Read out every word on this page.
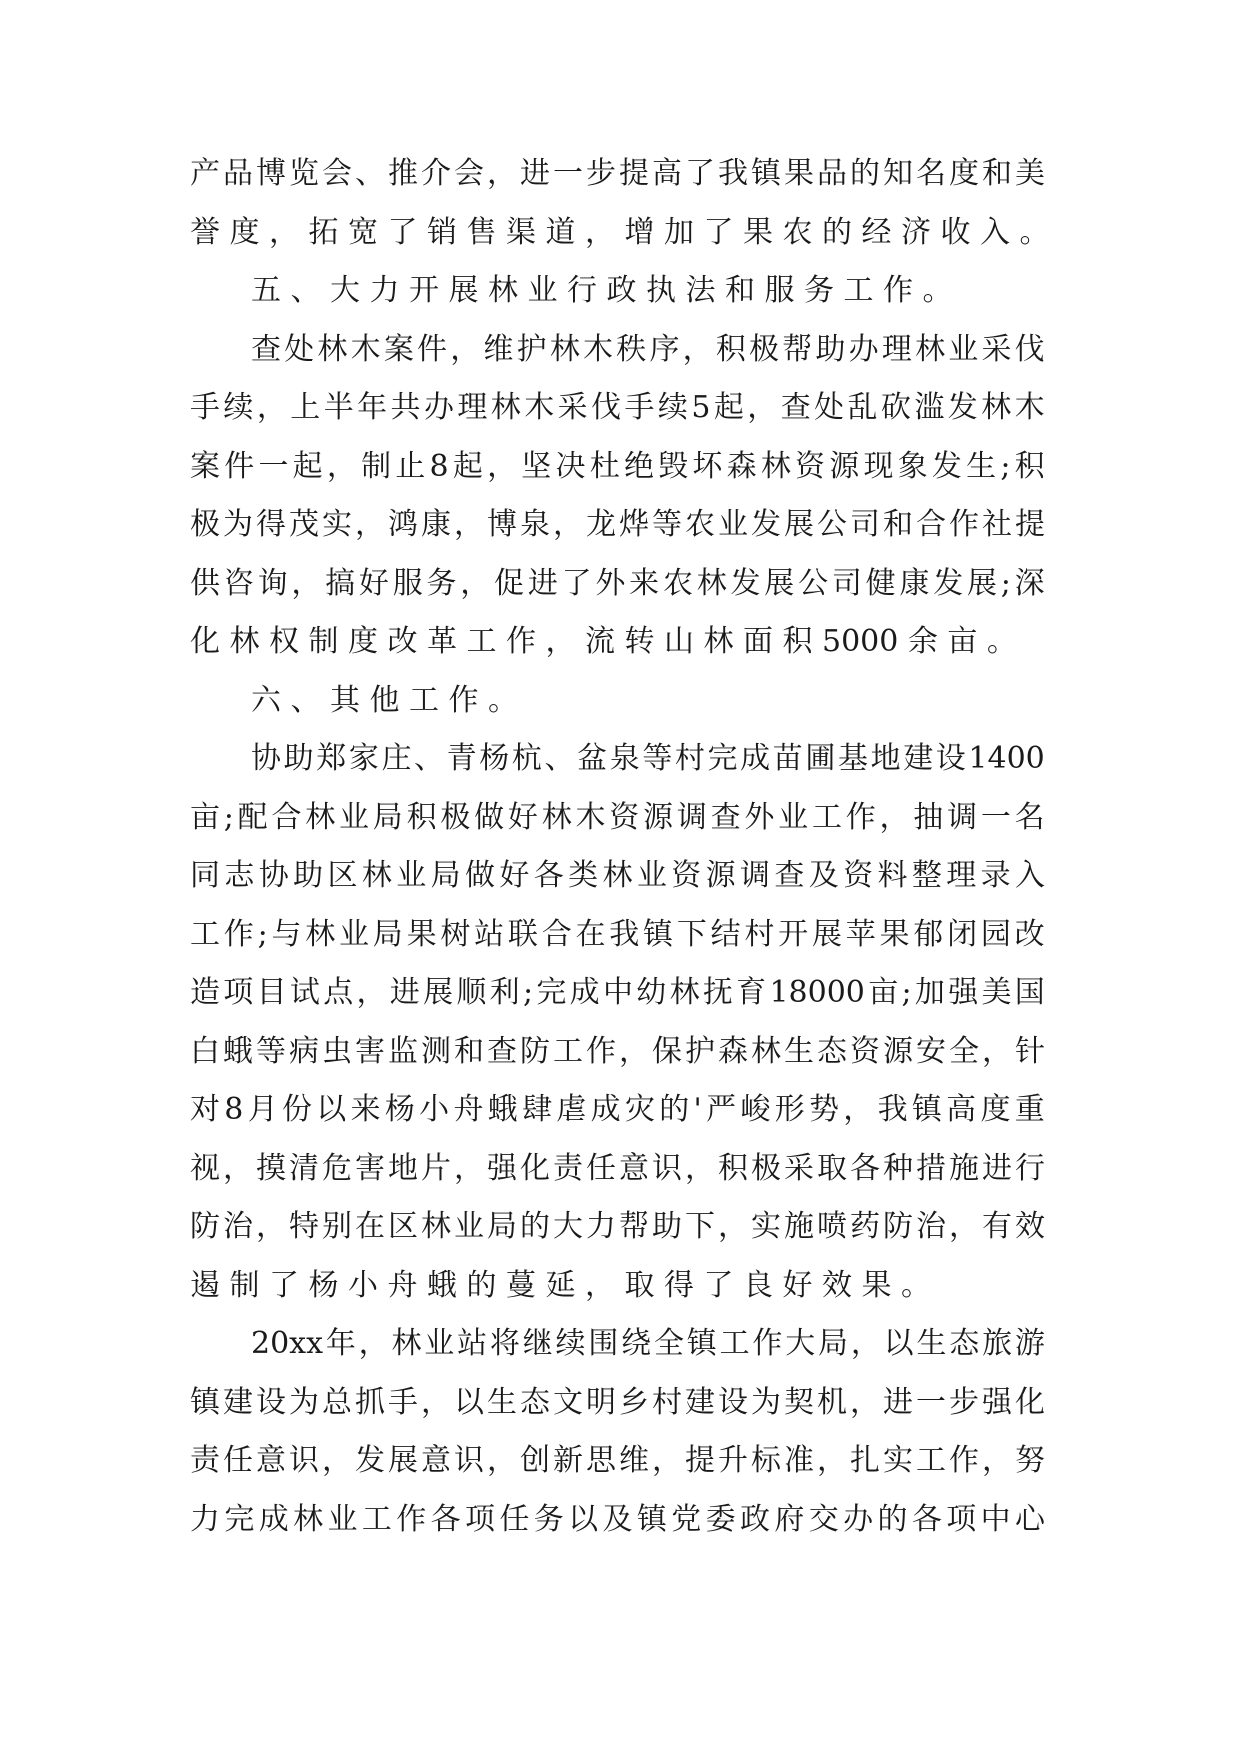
产 品 博 览 会 、 推 介 会 ， 进 一 步 提 高 了 我 镇 果 品 的 知 名 度 和 美
誉 度 ， 拓 宽 了 销 售 渠 道 ， 增 加 了 果 农 的 经 济 收 入 。
五 、 大 力 开 展 林 业 行 政 执 法 和 服 务 工 作 。
查 处 林 木 案 件 ， 维 护 林 木 秩 序 ， 积 极 帮 助 办 理 林 业 采 伐
手 续 ， 上 半 年 共 办 理 林 木 采 伐 手 续 5 起 ， 查 处 乱 砍 滥 发 林 木
案 件 一 起 ， 制 止 8 起 ， 坚 决 杜 绝 毁 坏 森 林 资 源 现 象 发 生 ; 积
极 为 得 茂 实 ， 鸿 康 ， 博 泉 ， 龙 烨 等 农 业 发 展 公 司 和 合 作 社 提
供 咨 询 ， 搞 好 服 务 ， 促 进 了 外 来 农 林 发 展 公 司 健 康 发 展 ; 深
化 林 权 制 度 改 革 工 作 ， 流 转 山 林 面 积 5000 余 亩 。
六 、 其 他 工 作 。
协 助 郑 家 庄 、 青 杨 杭 、 盆 泉 等 村 完 成 苗 圃 基 地 建 设 1400
亩 ; 配 合 林 业 局 积 极 做 好 林 木 资 源 调 查 外 业 工 作 ， 抽 调 一 名
同 志 协 助 区 林 业 局 做 好 各 类 林 业 资 源 调 查 及 资 料 整 理 录 入
工 作 ; 与 林 业 局 果 树 站 联 合 在 我 镇 下 结 村 开 展 苹 果 郁 闭 园 改
造 项 目 试 点 ， 进 展 顺 利 ; 完 成 中 幼 林 抚 育 18000 亩 ; 加 强 美 国
白 蛾 等 病 虫 害 监 测 和 查 防 工 作 ， 保 护 森 林 生 态 资 源 安 全 ， 针
对 8 月 份 以 来 杨 小 舟 蛾 肆 虐 成 灾 的 ' 严 峻 形 势 ， 我 镇 高 度 重
视 ， 摸 清 危 害 地 片 ， 强 化 责 任 意 识 ， 积 极 采 取 各 种 措 施 进 行
防 治 ， 特 别 在 区 林 业 局 的 大 力 帮 助 下 ， 实 施 喷 药 防 治 ， 有 效
遏 制 了 杨 小 舟 蛾 的 蔓 延 ， 取 得 了 良 好 效 果 。
20xx 年 ， 林 业 站 将 继 续 围 绕 全 镇 工 作 大 局 ， 以 生 态 旅 游
镇 建 设 为 总 抓 手 ， 以 生 态 文 明 乡 村 建 设 为 契 机 ， 进 一 步 强 化
责 任 意 识 ， 发 展 意 识 ， 创 新 思 维 ， 提 升 标 准 ， 扎 实 工 作 ， 努
力 完 成 林 业 工 作 各 项 任 务 以 及 镇 党 委 政 府 交 办 的 各 项 中 心
